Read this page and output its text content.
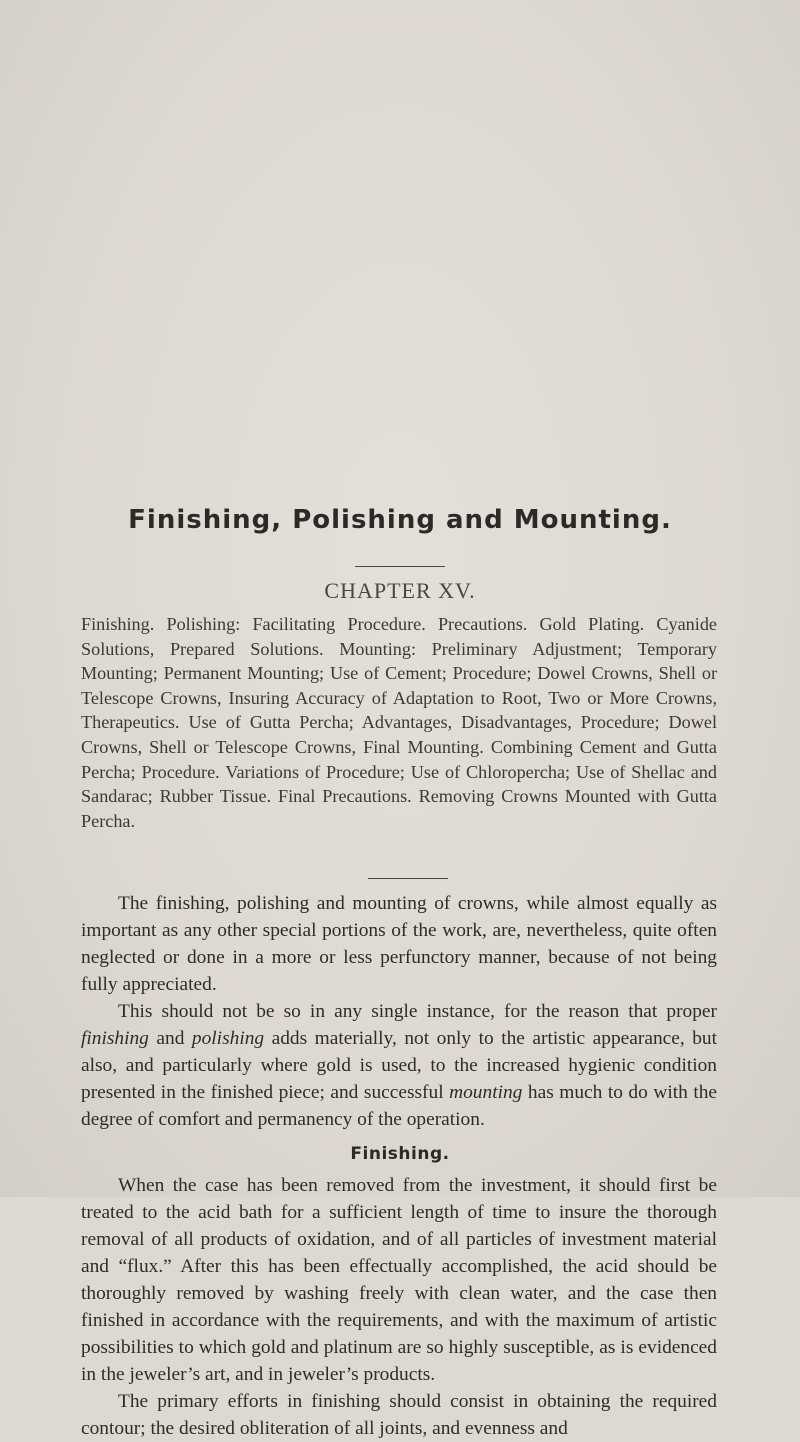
Finishing, Polishing and Mounting.
CHAPTER XV.
Finishing. Polishing: Facilitating Procedure. Precautions. Gold Plating. Cyanide Solutions, Prepared Solutions. Mounting: Preliminary Adjustment; Temporary Mounting; Permanent Mounting; Use of Cement; Procedure; Dowel Crowns, Shell or Telescope Crowns, Insuring Accuracy of Adaptation to Root, Two or More Crowns, Therapeutics. Use of Gutta Percha; Advantages, Disadvantages, Procedure; Dowel Crowns, Shell or Telescope Crowns, Final Mounting. Combining Cement and Gutta Percha; Procedure. Variations of Procedure; Use of Chloropercha; Use of Shellac and Sandarac; Rubber Tissue. Final Precautions. Removing Crowns Mounted with Gutta Percha.

The finishing, polishing and mounting of crowns, while almost equally as important as any other special portions of the work, are, nevertheless, quite often neglected or done in a more or less perfunctory manner, because of not being fully appreciated.

This should not be so in any single instance, for the reason that proper finishing and polishing adds materially, not only to the artistic appearance, but also, and particularly where gold is used, to the increased hygienic condition presented in the finished piece; and successful mounting has much to do with the degree of comfort and permanency of the operation.

Finishing.

When the case has been removed from the investment, it should first be treated to the acid bath for a sufficient length of time to insure the thorough removal of all products of oxidation, and of all particles of investment material and “flux.” After this has been effectually accomplished, the acid should be thoroughly removed by washing freely with clean water, and the case then finished in accordance with the requirements, and with the maximum of artistic possibilities to which gold and platinum are so highly susceptible, as is evidenced in the jeweler’s art, and in jeweler’s products.

The primary efforts in finishing should consist in obtaining the required contour; the desired obliteration of all joints, and evenness and
